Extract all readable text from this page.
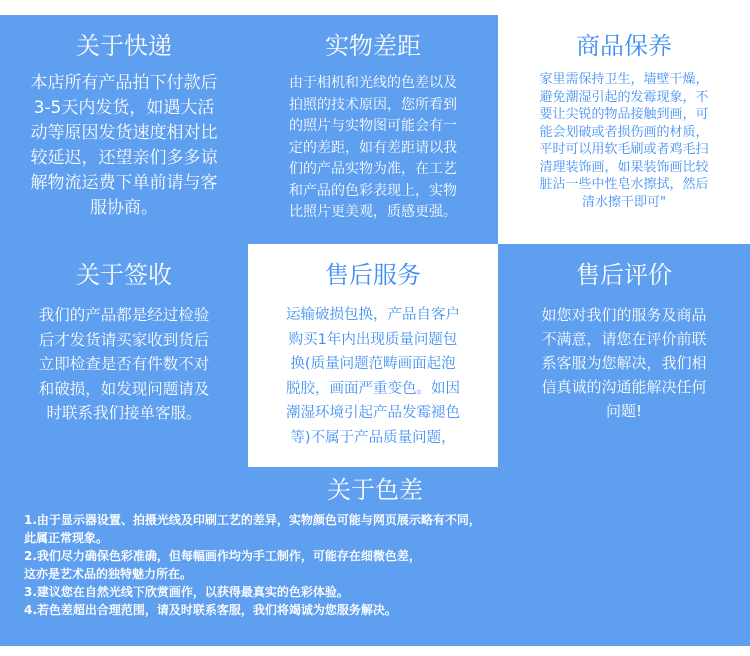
关于快递

本店所有产品拍下付款后
3-5天内发货，如遇大活
动等原因发货速度相对比
较延迟，还望亲们多多谅
解物流运费下单前请与客
服协商。

实物差距

由于相机和光线的色差以及
拍照的技术原因，您所看到
的照片与实物图可能会有一
定的差距，如有差距请以我
们的产品实物为准，在工艺
和产品的色彩表现上，实物
比照片更美观，质感更强。

商品保养

家里需保持卫生，墙壁干燥，
避免潮湿引起的发霉现象，不
要让尖锐的物品接触到画，可
能会划破或者损伤画的材质，
平时可以用软毛刷或者鸡毛扫
清理装饰画，如果装饰画比较
脏沾一些中性皂水擦拭，然后
清水擦干即可"

关于签收

我们的产品都是经过检验
后才发货请买家收到货后
立即检查是否有件数不对
和破损，如发现问题请及
时联系我们接单客服。

售后服务

运输破损包换，产品自客户
购买1年内出现质量问题包
换(质量问题范畴画面起泡
脱胶，画面严重变色。如因
潮湿环境引起产品发霉褪色
等)不属于产品质量问题，

售后评价

如您对我们的服务及商品
不满意，请您在评价前联
系客服为您解决，我们相
信真诚的沟通能解决任何
问题!

关于色差

1.由于显示器设置、拍摄光线及印刷工艺的差异，实物颜色可能与网页展示略有不同，
此属正常现象。
2.我们尽力确保色彩准确，但每幅画作均为手工制作，可能存在细微色差，
这亦是艺术品的独特魅力所在。
3.建议您在自然光线下欣赏画作，以获得最真实的色彩体验。
4.若色差超出合理范围，请及时联系客服，我们将竭诚为您服务解决。
